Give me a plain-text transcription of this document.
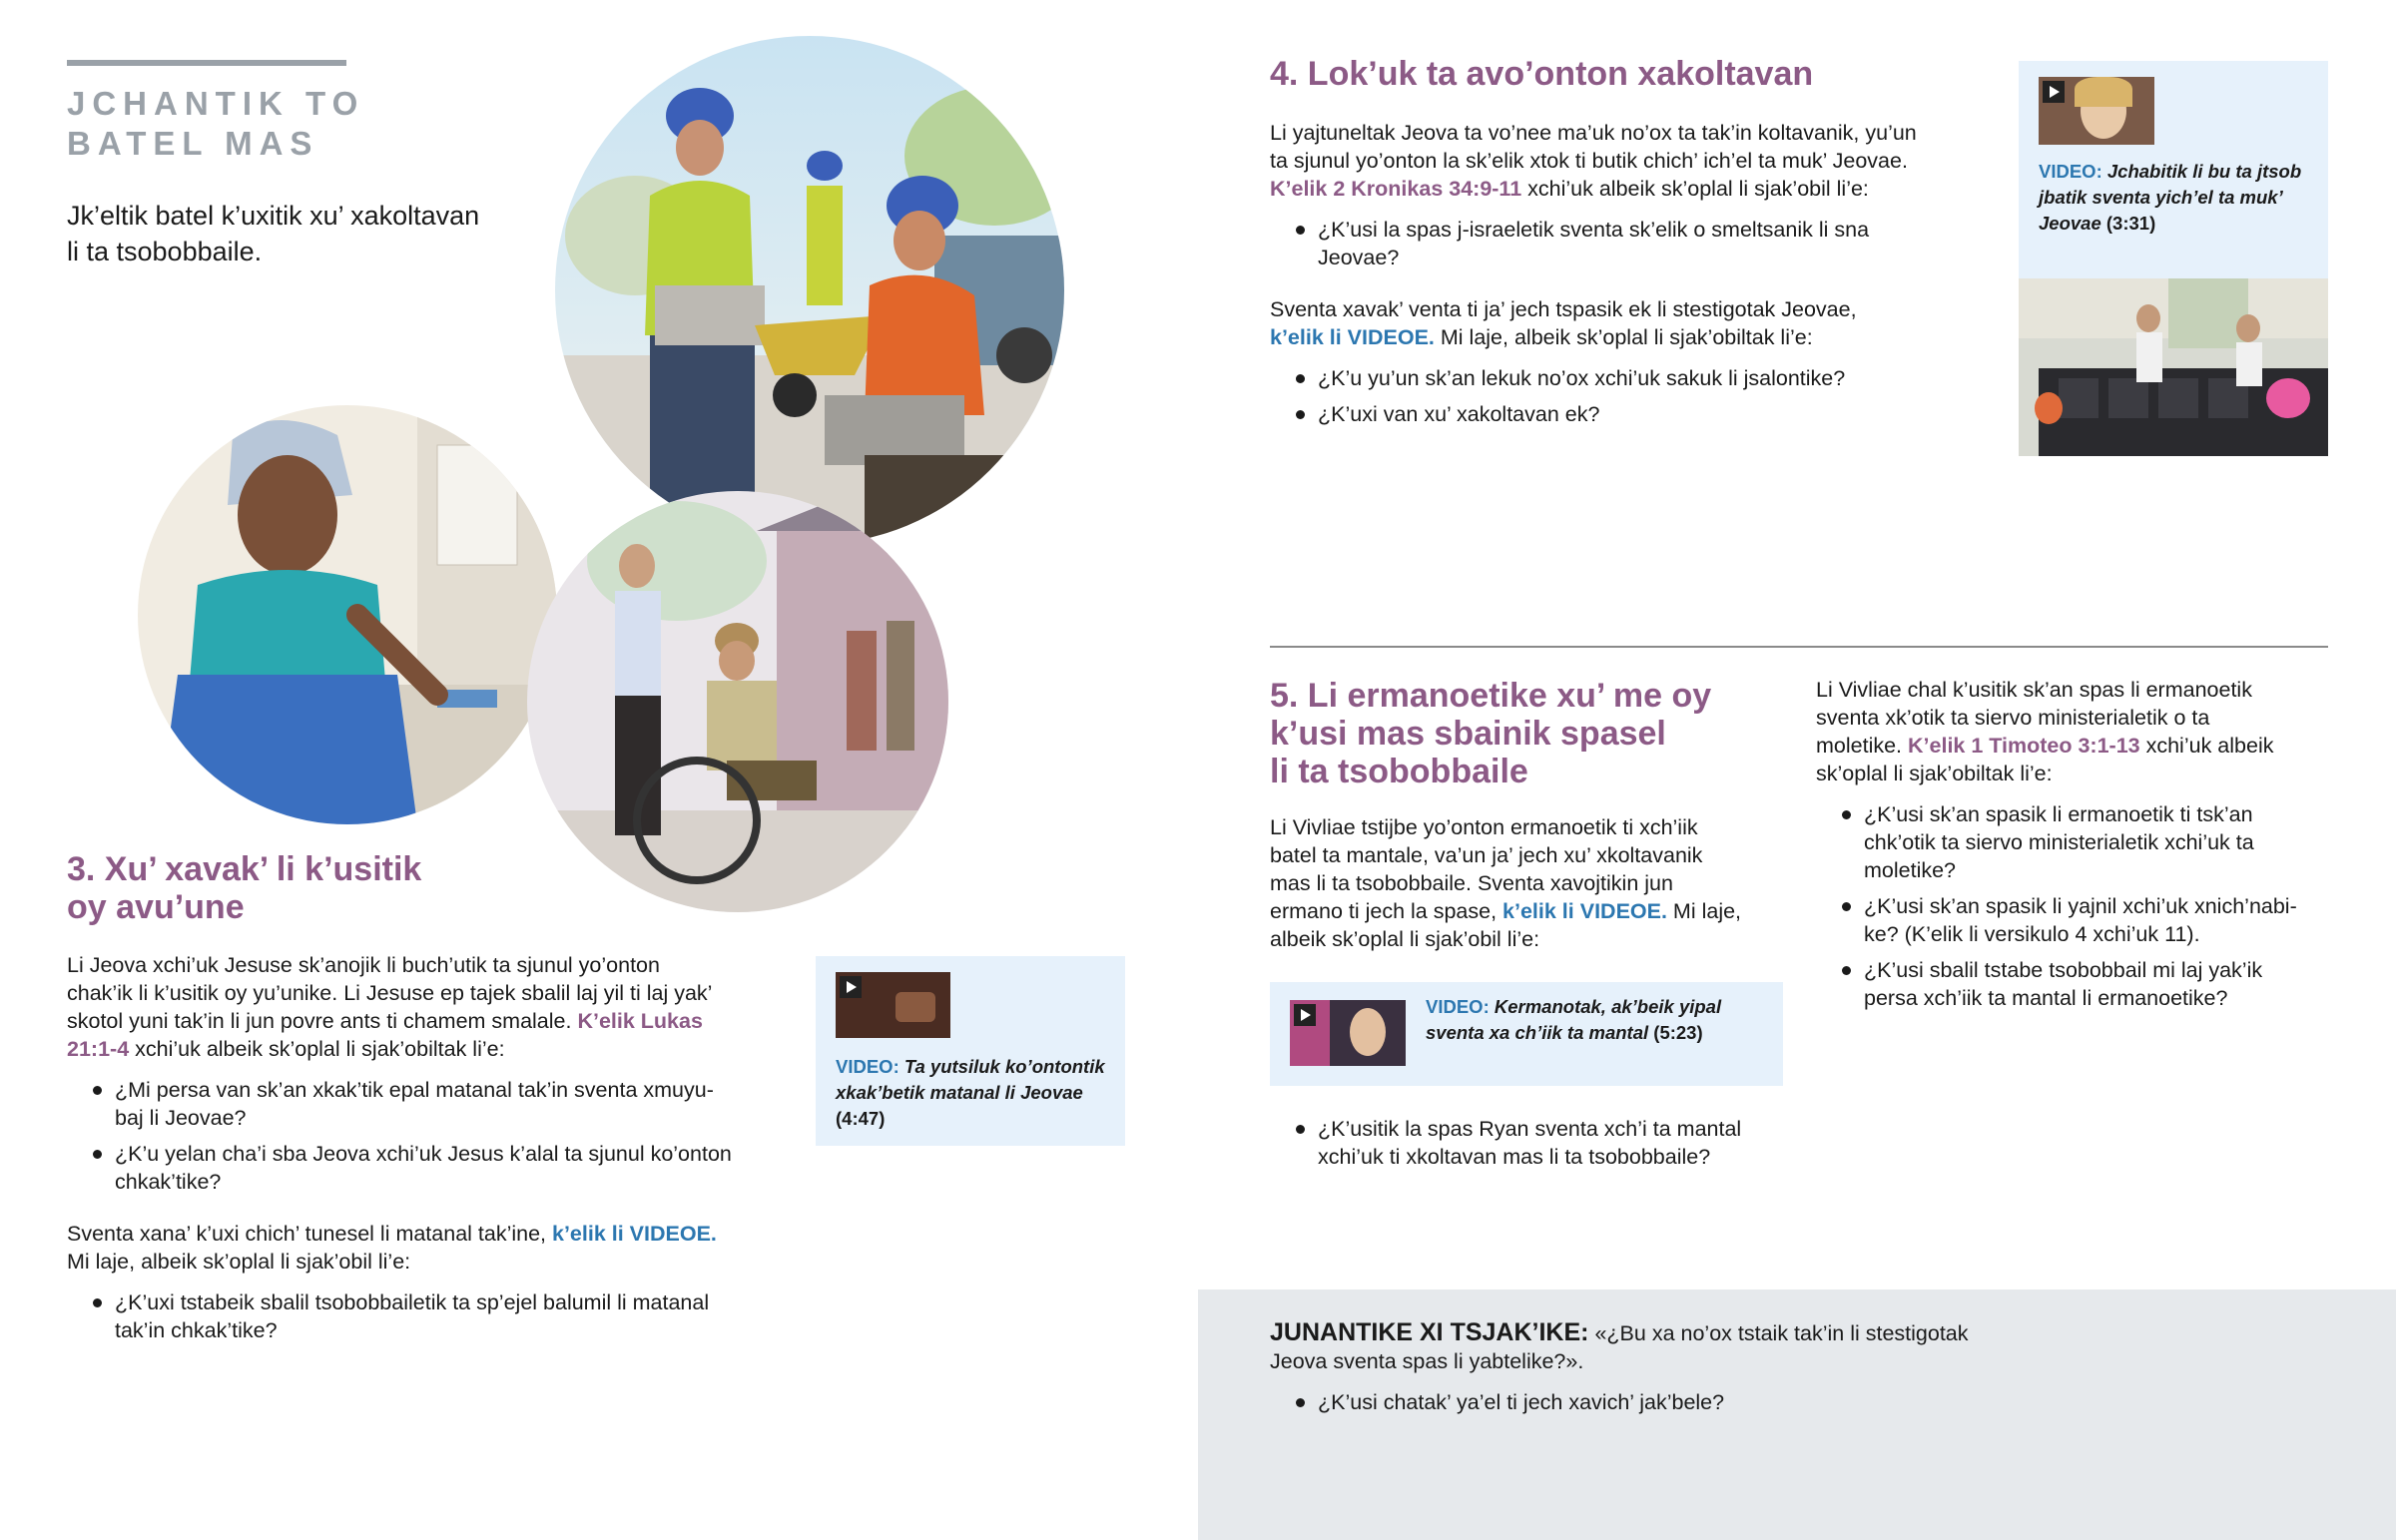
JCHANTIK TO
BATEL MAS
Jk’eltik batel k’uxitik xu’ xakoltavan
li ta tsobobbaile.
3. Xu’ xavak’ li k’usitik
oy avu’une

Li Jeova xchi’uk Jesuse sk’anojik li buch’utik ta sjunul yo’onton
chak’ik li k’usitik oy yu’unike. Li Jesuse ep tajek sbalil laj yil ti laj yak’
skotol yuni tak’in li jun povre ants ti chamem smalale. K’elik Lukas
21:1-4 xchi’uk albeik sk’oplal li sjak’obiltak li’e:

¿Mi persa van sk’an xkak’tik epal matanal tak’in sventa xmuyu-
baj li Jeovae?
¿K’u yelan cha’i sba Jeova xchi’uk Jesus k’alal ta sjunul ko’onton
chkak’tike?

Sventa xana’ k’uxi chich’ tunesel li matanal tak’ine, k’elik li VIDEOE.
Mi laje, albeik sk’oplal li sjak’obil li’e:

¿K’uxi tstabeik sbalil tsobobbailetik ta sp’ejel balumil li matanal
tak’in chkak’tike?
VIDEO: Ta yutsiluk ko’ontontik
xkak’betik matanal li Jeovae
(4:47)
4. Lok’uk ta avo’onton xakoltavan

Li yajtuneltak Jeova ta vo’nee ma’uk no’ox ta tak’in koltavanik, yu’un
ta sjunul yo’onton la sk’elik xtok ti butik chich’ ich’el ta muk’ Jeovae.
K’elik 2 Kronikas 34:9-11 xchi’uk albeik sk’oplal li sjak’obil li’e:

¿K’usi la spas j-israeletik sventa sk’elik o smeltsanik li sna
Jeovae?

Sventa xavak’ venta ti ja’ jech tspasik ek li stestigotak Jeovae,
k’elik li VIDEOE. Mi laje, albeik sk’oplal li sjak’obiltak li’e:

¿K’u yu’un sk’an lekuk no’ox xchi’uk sakuk li jsalontike?
¿K’uxi van xu’ xakoltavan ek?
VIDEO: Jchabitik li bu ta jtsob
jbatik sventa yich’el ta muk’
Jeovae (3:31)
5. Li ermanoetike xu’ me oy
k’usi mas sbainik spasel
li ta tsobobbaile

Li Vivliae tstijbe yo’onton ermanoetik ti xch’iik
batel ta mantale, va’un ja’ jech xu’ xkoltavanik
mas li ta tsobobbaile. Sventa xavojtikin jun
ermano ti jech la spase, k’elik li VIDEOE. Mi laje,
albeik sk’oplal li sjak’obil li’e:

VIDEO: Kermanotak, ak’beik yipal
sventa xa ch’iik ta mantal (5:23)
¿K’usitik la spas Ryan sventa xch’i ta mantal
xchi’uk ti xkoltavan mas li ta tsobobbaile?

Li Vivliae chal k’usitik sk’an spas li ermanoetik
sventa xk’otik ta siervo ministerialetik o ta
moletike. K’elik 1 Timoteo 3:1-13 xchi’uk albeik
sk’oplal li sjak’obiltak li’e:

¿K’usi sk’an spasik li ermanoetik ti tsk’an
chk’otik ta siervo ministerialetik xchi’uk ta
moletike?
¿K’usi sk’an spasik li yajnil xchi’uk xnich’nabi-
ke? (K’elik li versikulo 4 xchi’uk 11).
¿K’usi sbalil tstabe tsobobbail mi laj yak’ik
persa xch’iik ta mantal li ermanoetike?

JUNANTIKE XI TSJAK’IKE: «¿Bu xa no’ox tstaik tak’in li stestigotak
Jeova sventa spas li yabtelike?».

¿K’usi chatak’ ya’el ti jech xavich’ jak’bele?
